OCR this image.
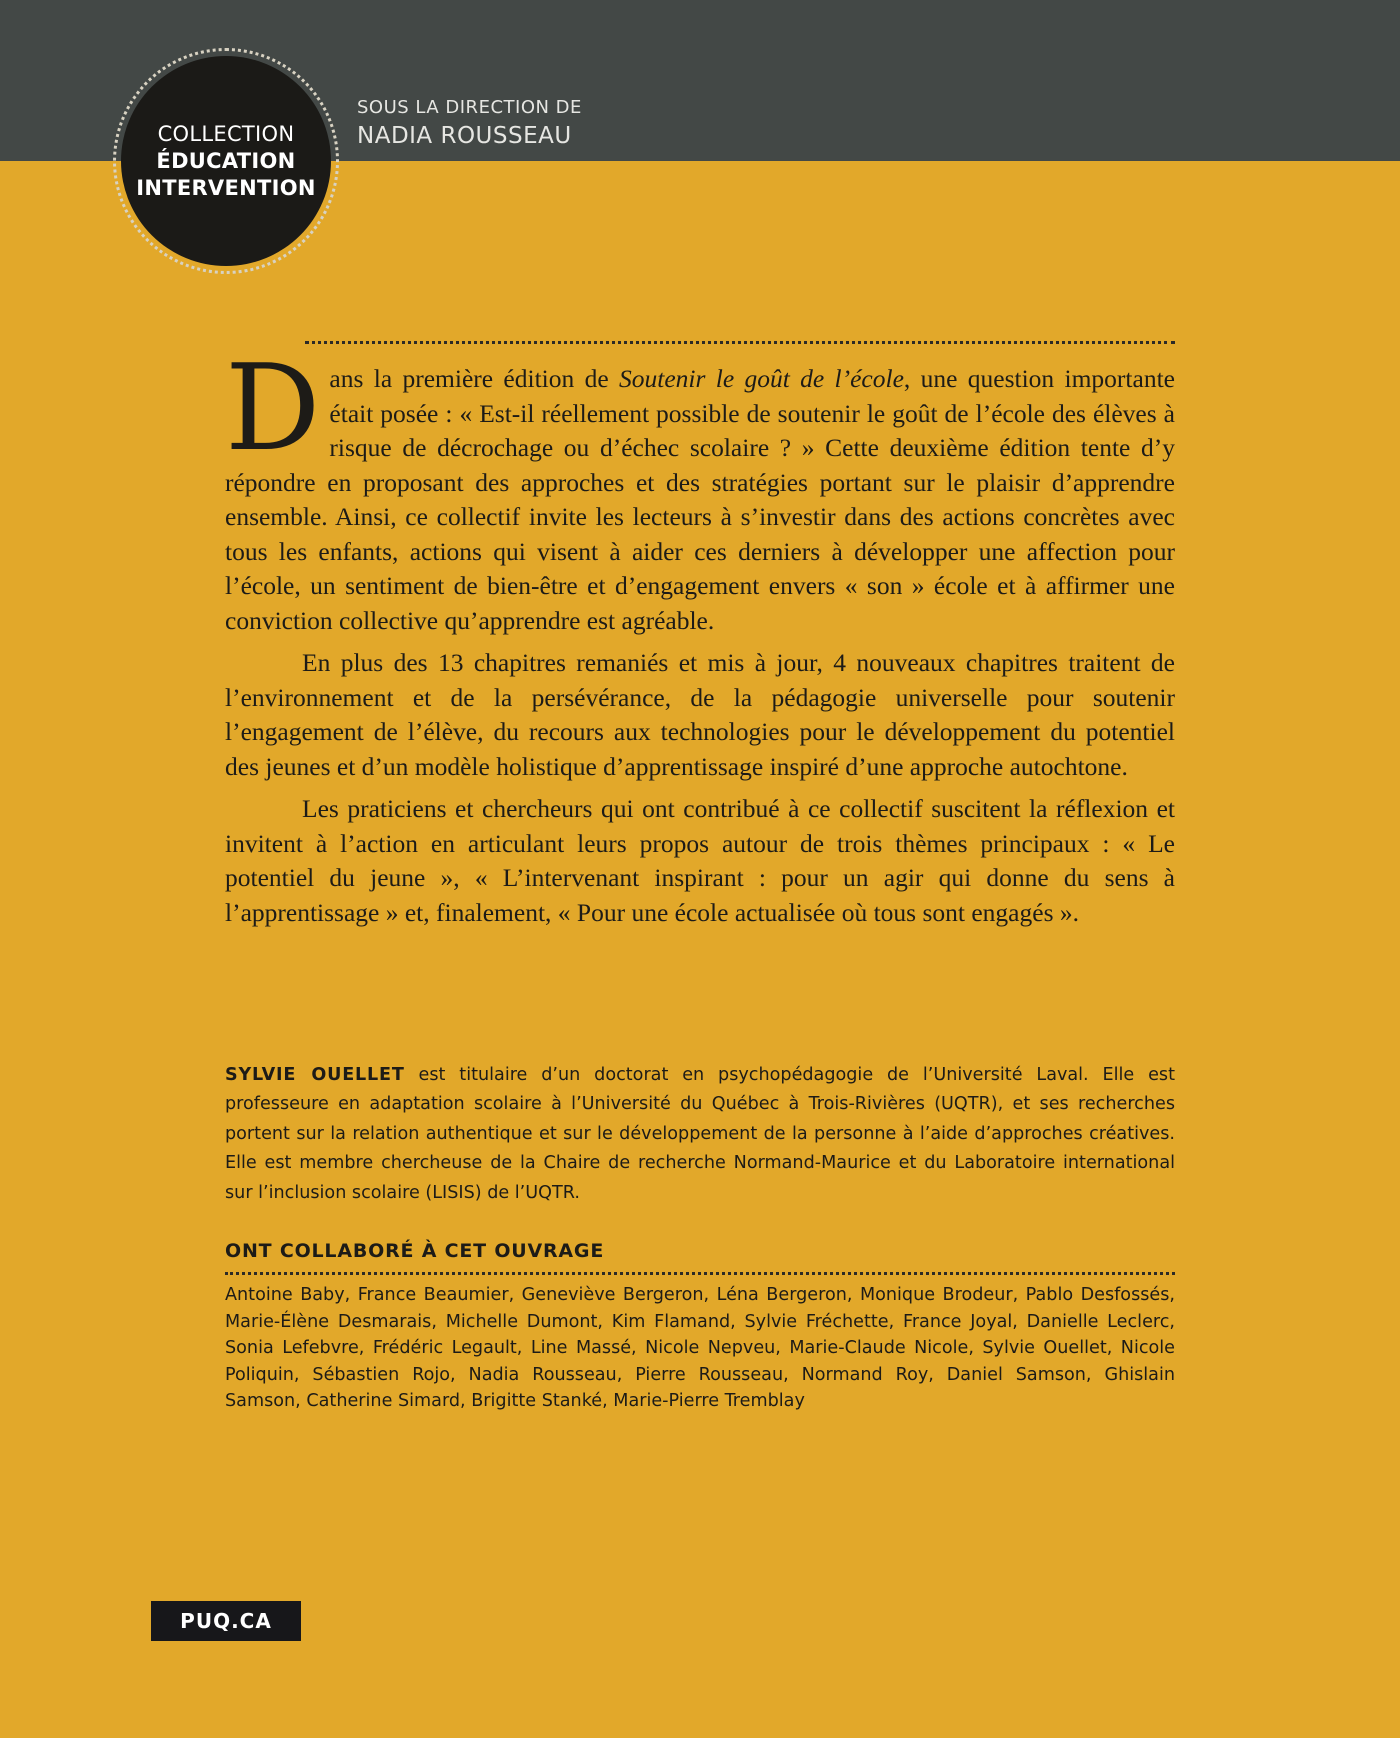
COLLECTION
ÉDUCATION
INTERVENTION
SOUS LA DIRECTION DE
NADIA ROUSSEAU

Dans la première édition de Soutenir le goût de l’école, une question importante était posée : « Est-il réellement possible de soutenir le goût de l’école des élèves à risque de décrochage ou d’échec scolaire ? » Cette deuxième édition tente d’y répondre en proposant des approches et des stratégies portant sur le plaisir d’apprendre ensemble. Ainsi, ce collectif invite les lecteurs à s’investir dans des actions concrètes avec tous les enfants, actions qui visent à aider ces derniers à développer une affection pour l’école, un sentiment de bien-être et d’engagement envers « son » école et à affirmer une conviction collective qu’apprendre est agréable.

En plus des 13 chapitres remaniés et mis à jour, 4 nouveaux chapitres traitent de l’environnement et de la persévérance, de la pédagogie universelle pour soutenir l’engagement de l’élève, du recours aux technologies pour le développement du potentiel des jeunes et d’un modèle holistique d’apprentissage inspiré d’une approche autochtone.

Les praticiens et chercheurs qui ont contribué à ce collectif suscitent la réflexion et invitent à l’action en articulant leurs propos autour de trois thèmes principaux : « Le potentiel du jeune », « L’intervenant inspirant : pour un agir qui donne du sens à l’apprentissage » et, finalement, « Pour une école actualisée où tous sont engagés ».

SYLVIE OUELLET est titulaire d’un doctorat en psychopédagogie de l’Université Laval. Elle est professeure en adaptation scolaire à l’Université du Québec à Trois-Rivières (UQTR), et ses recherches portent sur la relation authentique et sur le développement de la personne à l’aide d’approches créatives. Elle est membre chercheuse de la Chaire de recherche Normand-Maurice et du Laboratoire international sur l’inclusion scolaire (LISIS) de l’UQTR.
ONT COLLABORÉ À CET OUVRAGE
Antoine Baby, France Beaumier, Geneviève Bergeron, Léna Bergeron, Monique Brodeur, Pablo Desfossés, Marie-Élène Desmarais, Michelle Dumont, Kim Flamand, Sylvie Fréchette, France Joyal, Danielle Leclerc, Sonia Lefebvre, Frédéric Legault, Line Massé, Nicole Nepveu, Marie-Claude Nicole, Sylvie Ouellet, Nicole Poliquin, Sébastien Rojo, Nadia Rousseau, Pierre Rousseau, Normand Roy, Daniel Samson, Ghislain Samson, Catherine Simard, Brigitte Stanké, Marie-Pierre Tremblay
PUQ.CA
